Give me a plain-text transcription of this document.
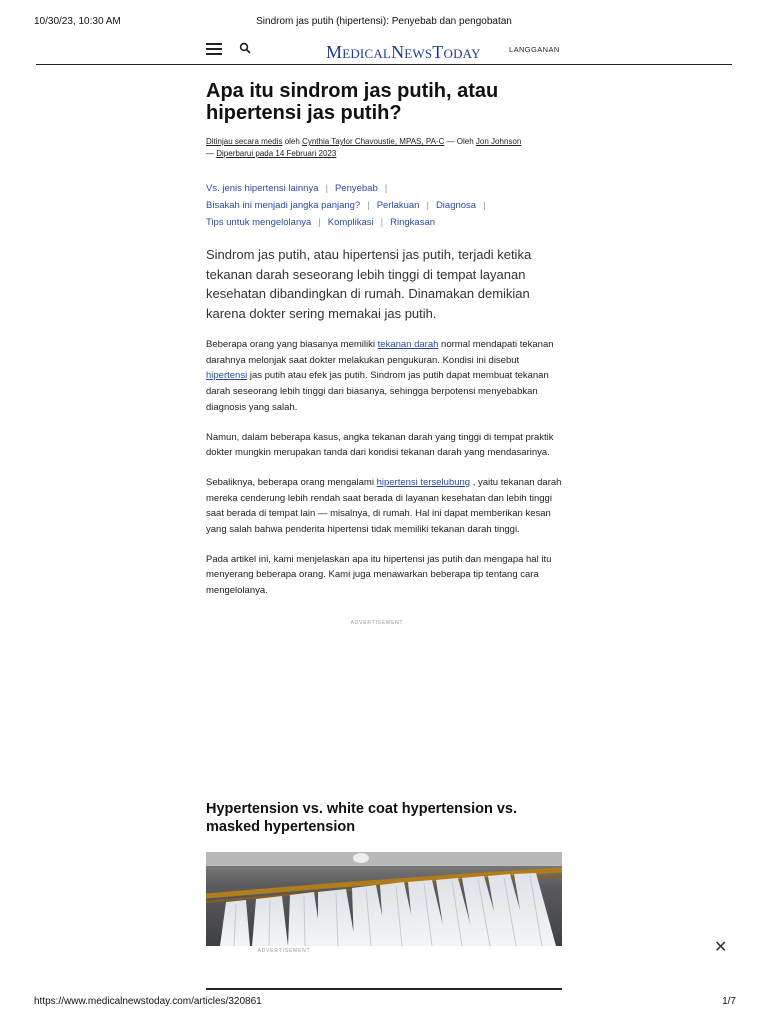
10/30/23, 10:30 AM	Sindrom jas putih (hipertensi): Penyebab dan pengobatan
MedicalNewsToday	LANGGANAN
Apa itu sindrom jas putih, atau hipertensi jas putih?
Ditinjau secara medis oleh Cynthia Taylor Chavoustie, MPAS, PA-C — Oleh Jon Johnson
— Diperbarui pada 14 Februari 2023
Vs. jenis hipertensi lainnya | Penyebab |
Bisakah ini menjadi jangka panjang? | Perlakuan | Diagnosa |
Tips untuk mengelolanya | Komplikasi | Ringkasan
Sindrom jas putih, atau hipertensi jas putih, terjadi ketika tekanan darah seseorang lebih tinggi di tempat layanan kesehatan dibandingkan di rumah. Dinamakan demikian karena dokter sering memakai jas putih.
Beberapa orang yang biasanya memiliki tekanan darah normal mendapati tekanan darahnya melonjak saat dokter melakukan pengukuran. Kondisi ini disebut hipertensi jas putih atau efek jas putih. Sindrom jas putih dapat membuat tekanan darah seseorang lebih tinggi dari biasanya, sehingga berpotensi menyebabkan diagnosis yang salah.
Namun, dalam beberapa kasus, angka tekanan darah yang tinggi di tempat praktik dokter mungkin merupakan tanda dari kondisi tekanan darah yang mendasarinya.
Sebaliknya, beberapa orang mengalami hipertensi terselubung , yaitu tekanan darah mereka cenderung lebih rendah saat berada di layanan kesehatan dan lebih tinggi saat berada di tempat lain — misalnya, di rumah. Hal ini dapat memberikan kesan yang salah bahwa penderita hipertensi tidak memiliki tekanan darah tinggi.
Pada artikel ini, kami menjelaskan apa itu hipertensi jas putih dan mengapa hal itu menyerang beberapa orang. Kami juga menawarkan beberapa tip tentang cara mengelolanya.
ADVERTISEMENT
Hypertension vs. white coat hypertension vs. masked hypertension
ADVERTISEMENT	✕
https://www.medicalnewstoday.com/articles/320861	1/7
